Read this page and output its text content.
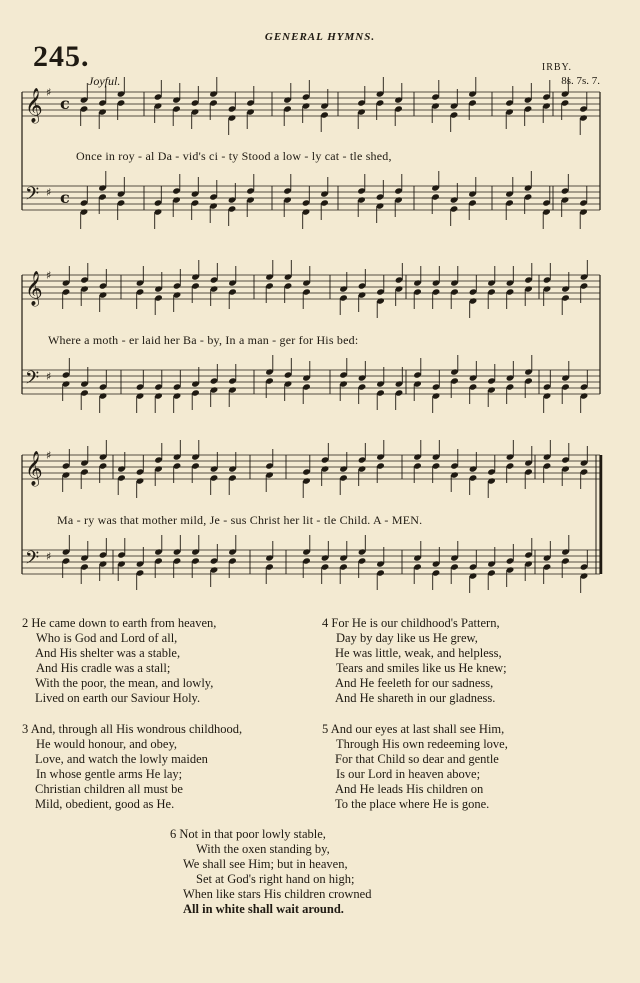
GENERAL HYMNS.
245.
Joyful.
IRBY.
8s. 7s. 7.
𝄞 ♯
c
𝄢 ♯ c
𝄞 ♯
𝄢 ♯
𝄞 ♯
𝄢 ♯
Once in roy - al Da - vid's ci - ty Stood a low - ly cat - tle shed,
Where a moth - er laid her Ba - by, In a man - ger for His bed:
Ma - ry was that mother mild, Je - sus Christ her lit - tle Child. A - MEN.
2 He came down to earth from heaven,
Who is God and Lord of all,
And His shelter was a stable,
And His cradle was a stall;
With the poor, the mean, and lowly,
Lived on earth our Saviour Holy.
3 And, through all His wondrous childhood,
He would honour, and obey,
Love, and watch the lowly maiden
In whose gentle arms He lay;
Christian children all must be
Mild, obedient, good as He.
4 For He is our childhood's Pattern,
Day by day like us He grew,
He was little, weak, and helpless,
Tears and smiles like us He knew;
And He feeleth for our sadness,
And He shareth in our gladness.
5 And our eyes at last shall see Him,
Through His own redeeming love,
For that Child so dear and gentle
Is our Lord in heaven above;
And He leads His children on
To the place where He is gone.
6 Not in that poor lowly stable,
With the oxen standing by,
We shall see Him; but in heaven,
Set at God's right hand on high;
When like stars His children crowned
All in white shall wait around.
